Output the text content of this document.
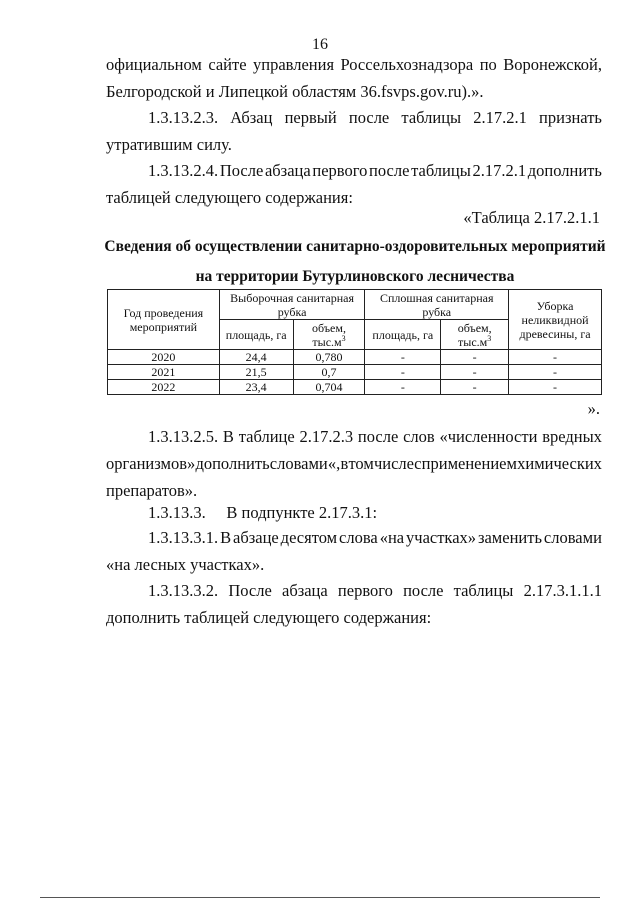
16
официальном сайте управления Россельхознадзора по Воронежской,
Белгородской и Липецкой областям 36.fsvps.gov.ru).».
1.3.13.2.3. Абзац первый после таблицы 2.17.2.1 признать
утратившим силу.
1.3.13.2.4. После абзаца первого после таблицы 2.17.2.1 дополнить
таблицей следующего содержания:
«Таблица 2.17.2.1.1
Сведения об осуществлении санитарно-оздоровительных мероприятий
на территории Бутурлиновского лесничества
Год проведения мероприятий	Выборочная санитарная рубка		Сплошная санитарная рубка		Уборка неликвидной древесины, га
	площадь, га	объем, $тыс.м^3$	площадь, га	объем, $тыс.м^3$
2020	24,4	0,780	-	-	-
2021	21,5	0,7	-	-	-
2022	23,4	0,704	-	-	-
».
1.3.13.2.5. В таблице 2.17.2.3 после слов «численности вредных
организмов» дополнить словами «, в том числе с применением химических
препаратов».
1.3.13.3.     В подпункте 2.17.3.1:
1.3.13.3.1. В абзаце десятом слова «на участках» заменить словами
«на лесных участках».
1.3.13.3.2. После абзаца первого после таблицы 2.17.3.1.1.1
дополнить таблицей следующего содержания:
